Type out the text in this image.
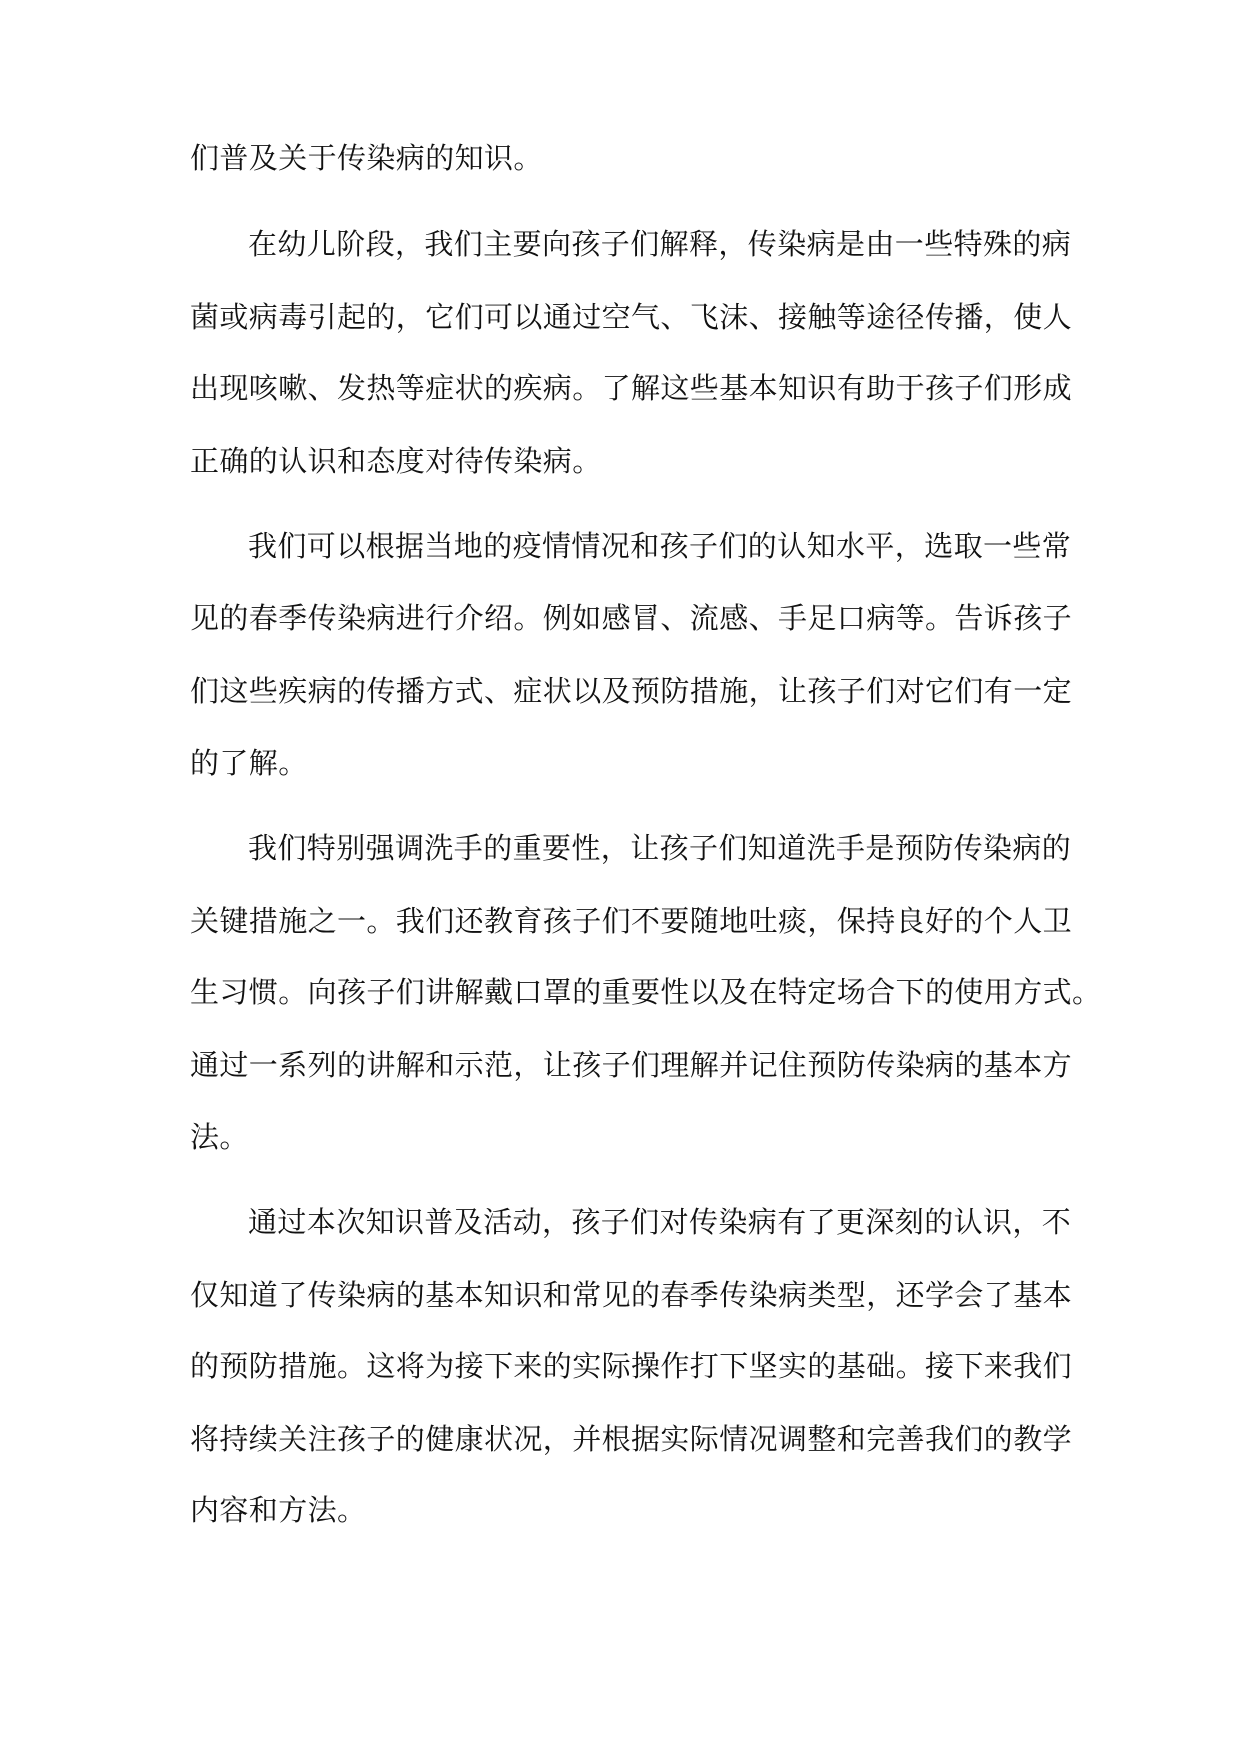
们普及关于传染病的知识。
在幼儿阶段，我们主要向孩子们解释，传染病是由一些特殊的病
菌或病毒引起的，它们可以通过空气、飞沫、接触等途径传播，使人
出现咳嗽、发热等症状的疾病。了解这些基本知识有助于孩子们形成
正确的认识和态度对待传染病。
我们可以根据当地的疫情情况和孩子们的认知水平，选取一些常
见的春季传染病进行介绍。例如感冒、流感、手足口病等。告诉孩子
们这些疾病的传播方式、症状以及预防措施，让孩子们对它们有一定
的了解。
我们特别强调洗手的重要性，让孩子们知道洗手是预防传染病的
关键措施之一。我们还教育孩子们不要随地吐痰，保持良好的个人卫
生习惯。向孩子们讲解戴口罩的重要性以及在特定场合下的使用方式。
通过一系列的讲解和示范，让孩子们理解并记住预防传染病的基本方
法。
通过本次知识普及活动，孩子们对传染病有了更深刻的认识，不
仅知道了传染病的基本知识和常见的春季传染病类型，还学会了基本
的预防措施。这将为接下来的实际操作打下坚实的基础。接下来我们
将持续关注孩子的健康状况，并根据实际情况调整和完善我们的教学
内容和方法。
